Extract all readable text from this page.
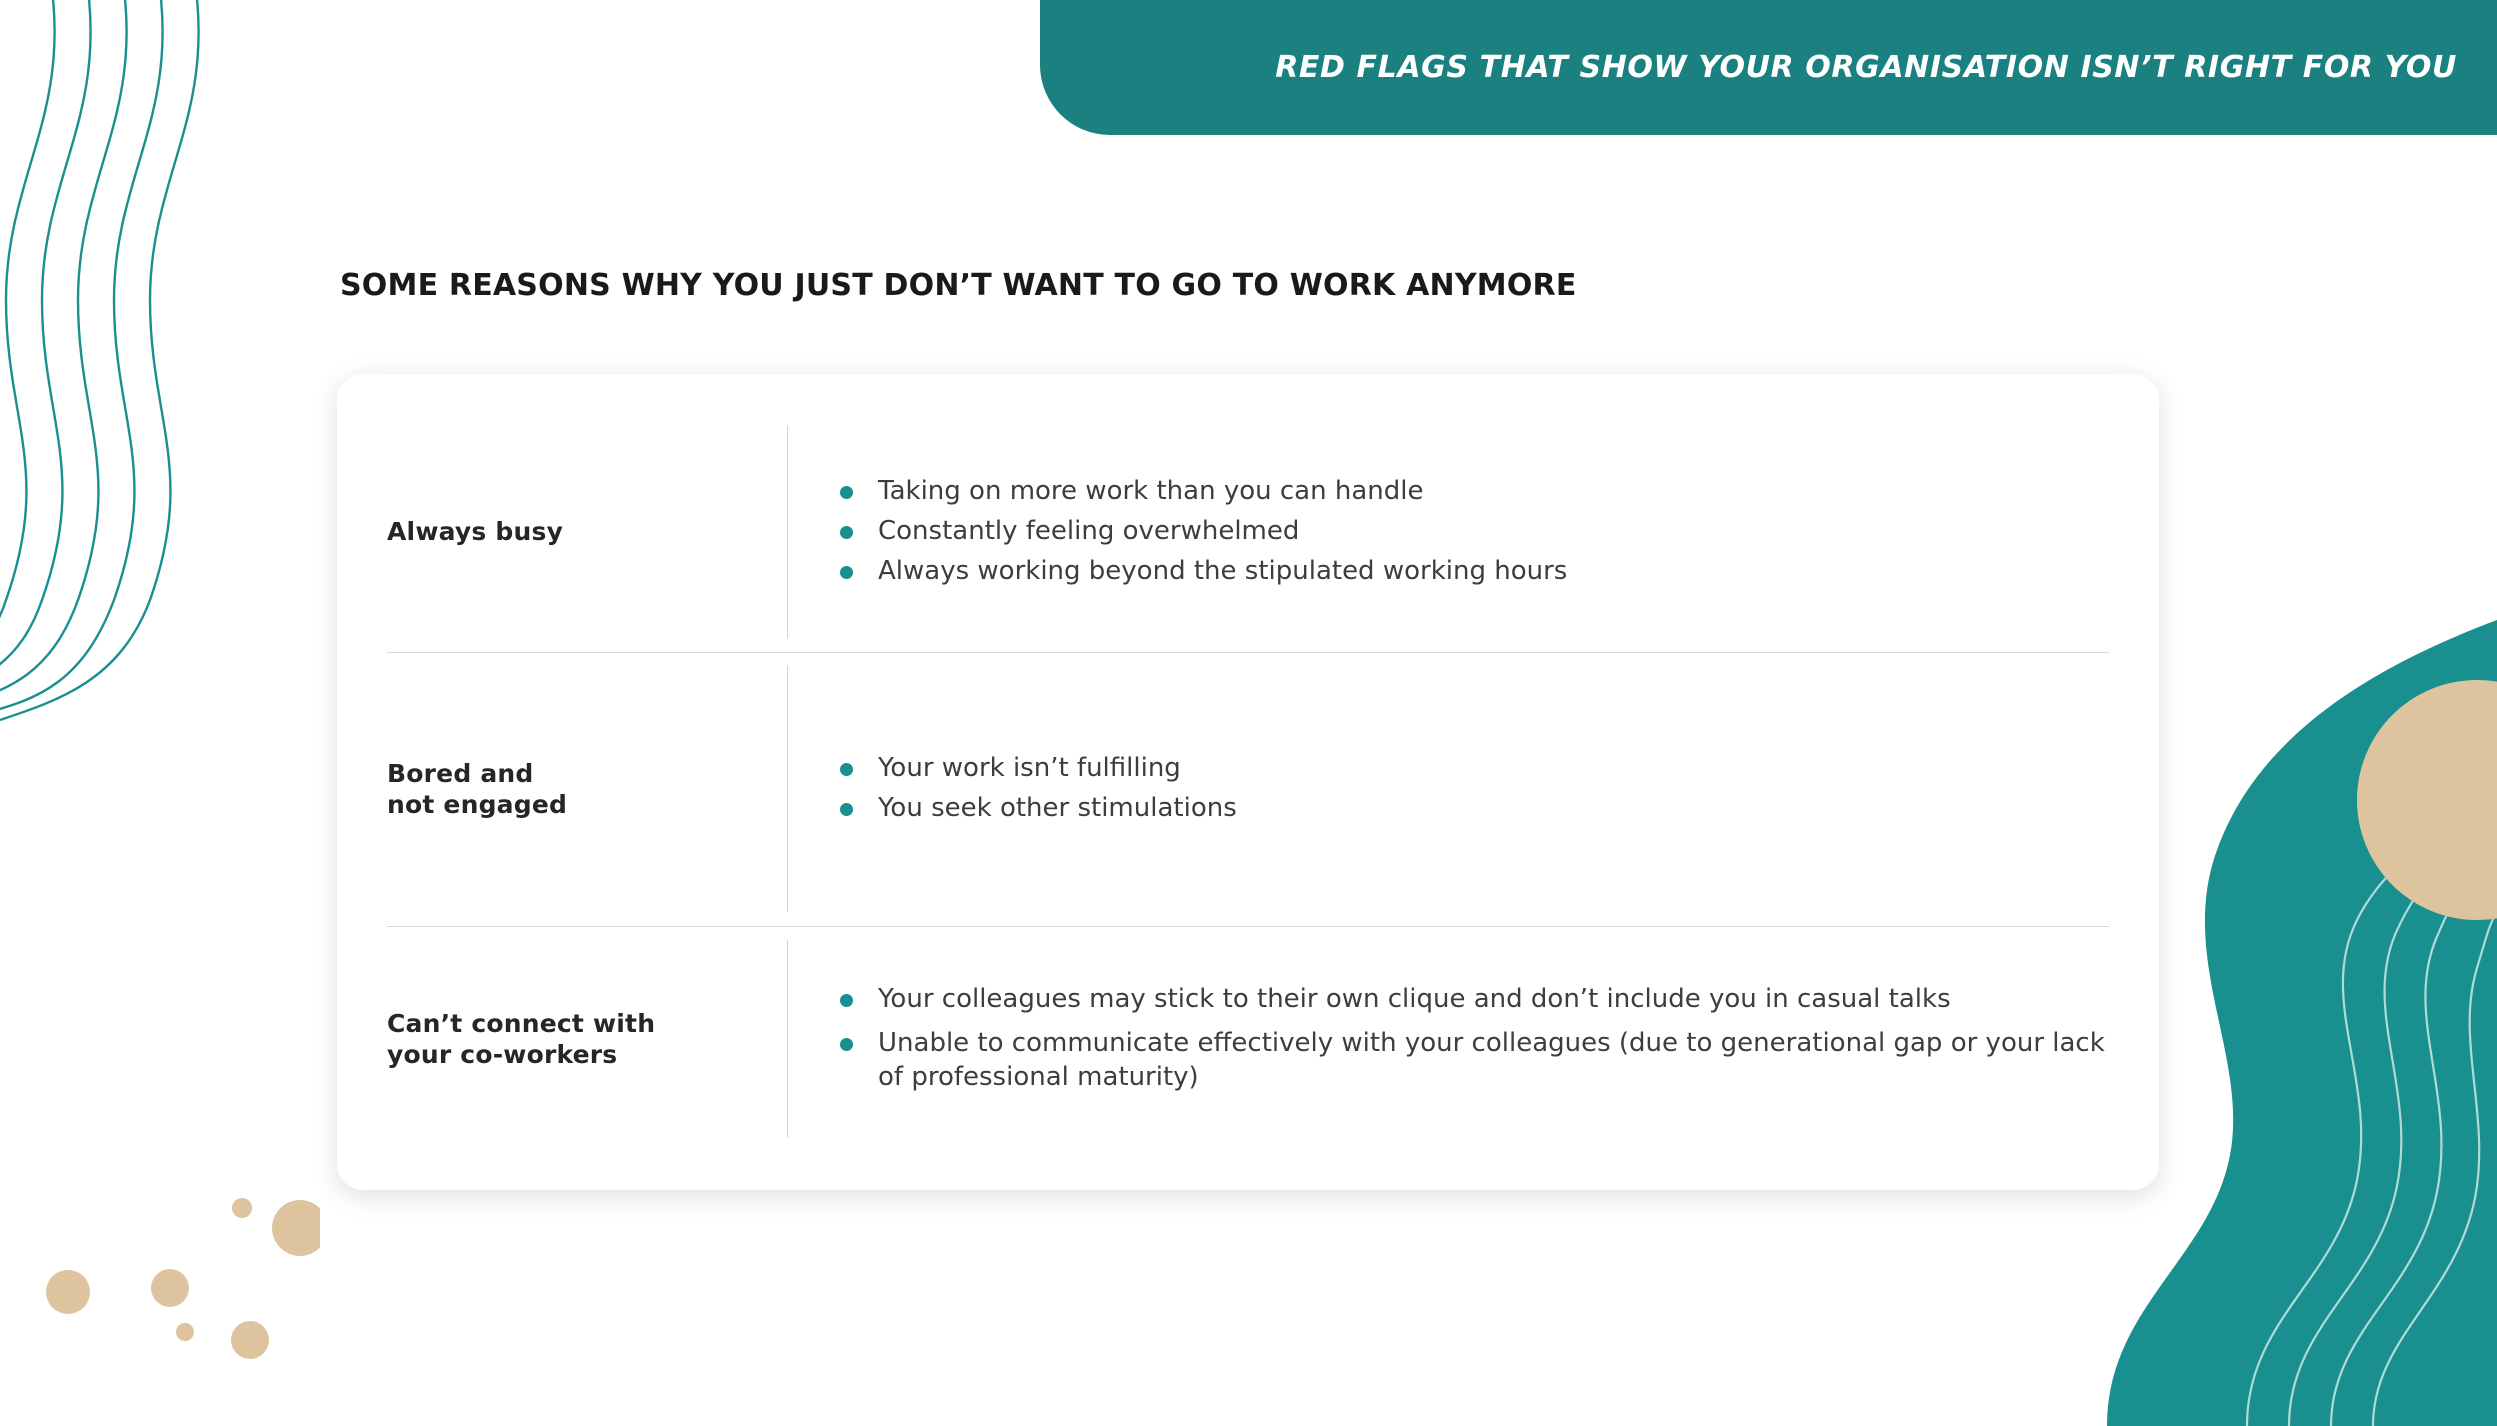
RED FLAGS THAT SHOW YOUR ORGANISATION ISN’T RIGHT FOR YOU
SOME REASONS WHY YOU JUST DON’T WANT TO GO TO WORK ANYMORE
Always busy
Taking on more work than you can handle
Constantly feeling overwhelmed
Always working beyond the stipulated working hours
Bored and
not engaged
Your work isn’t fulfilling
You seek other stimulations
Can’t connect with
your co-workers
Your colleagues may stick to their own clique and don’t include you in casual talks
Unable to communicate effectively with your colleagues (due to generational gap or your lack of professional maturity)
